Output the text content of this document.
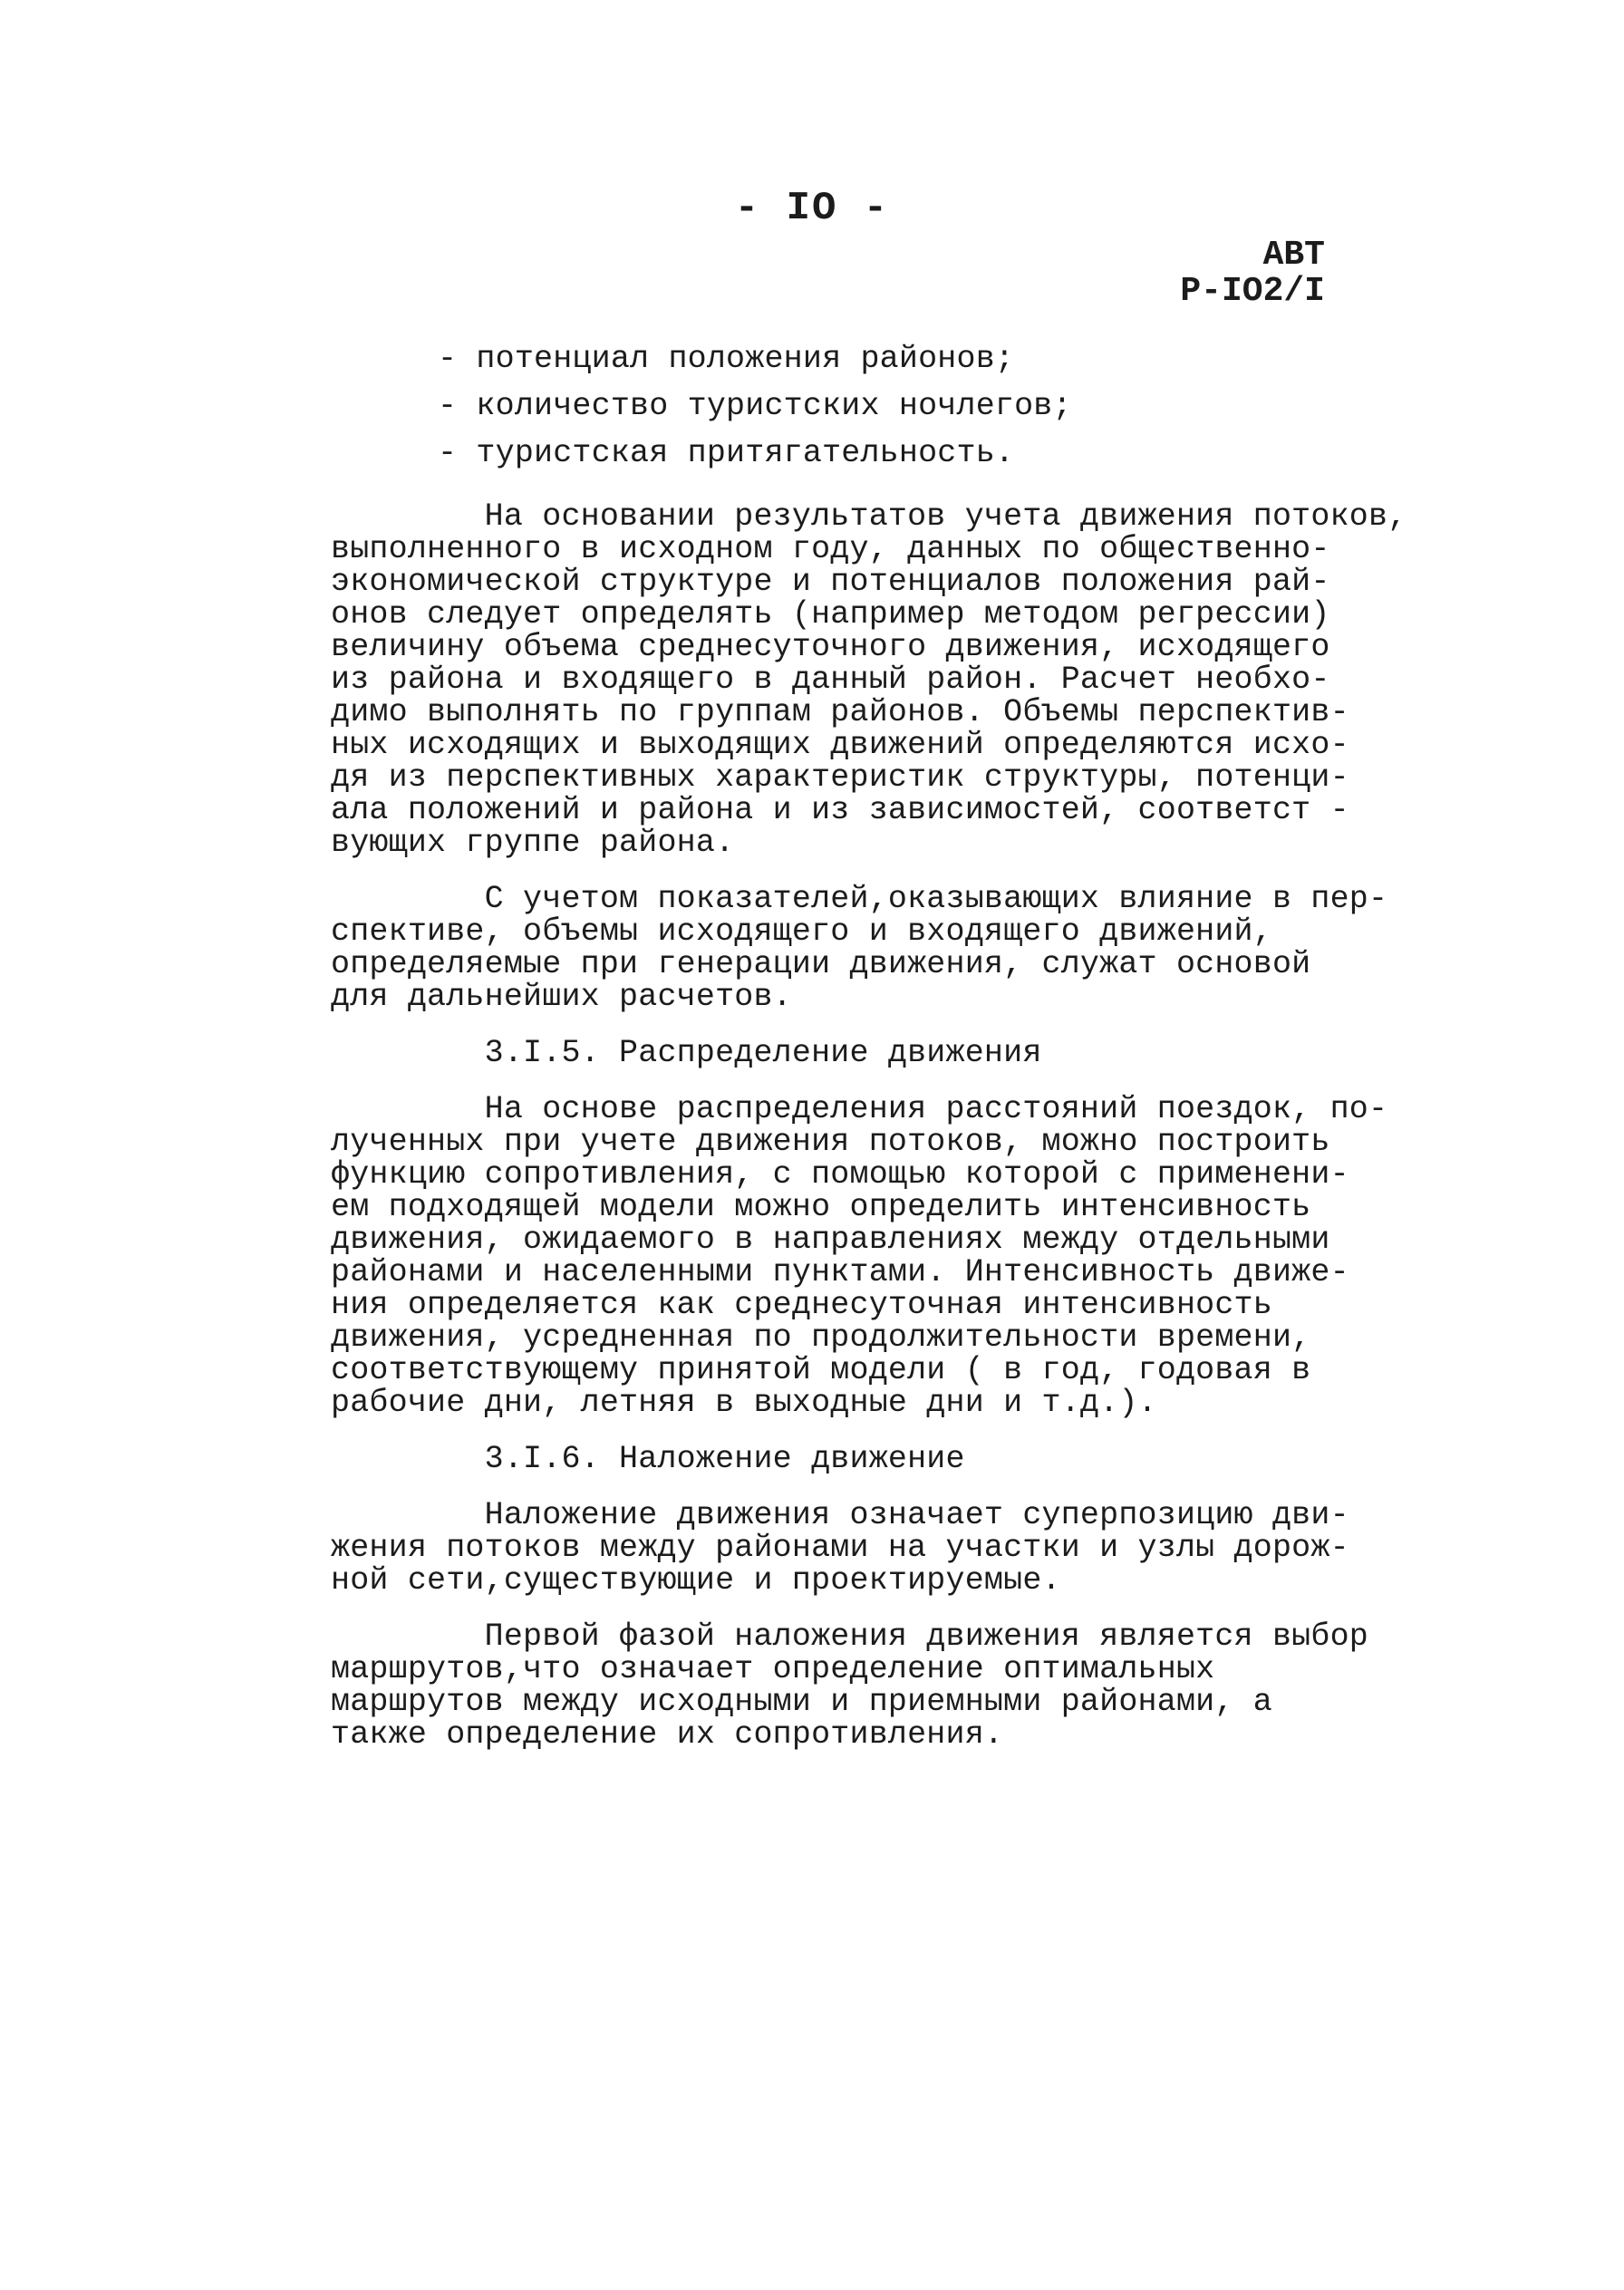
- IO -
АВТ
Р-IO2/I
- потенциал положения районов;
- количество туристских ночлегов;
- туристская притягательность.
На основании результатов учета движения потоков,
выполненного в исходном году, данных по общественно-
экономической структуре и потенциалов положения рай-
онов следует определять (например методом регрессии)
величину объема среднесуточного движения, исходящего
из района и входящего в данный район. Расчет необхо-
димо выполнять по группам районов. Объемы перспектив-
ных исходящих и выходящих движений определяются исхо-
дя из перспективных характеристик структуры, потенци-
ала положений и района и из зависимостей, соответст -
вующих группе района.
С учетом показателей,оказывающих влияние в пер-
спективе, объемы исходящего и входящего движений,
определяемые при генерации движения, служат основой
для дальнейших расчетов.
3.I.5. Распределение движения
На основе распределения расстояний поездок, по-
лученных при учете движения потоков, можно построить
функцию сопротивления, с помощью которой с применени-
ем подходящей модели можно определить интенсивность
движения, ожидаемого в направлениях между отдельными
районами и населенными пунктами. Интенсивность движе-
ния определяется как среднесуточная интенсивность
движения, усредненная по продолжительности времени,
соответствующему принятой модели ( в год, годовая в
рабочие дни, летняя в выходные дни и т.д.).
3.I.6. Наложение движение
Наложение движения означает суперпозицию дви-
жения потоков между районами на участки и узлы дорож-
ной сети,существующие и проектируемые.
Первой фазой наложения движения является выбор
маршрутов,что означает определение оптимальных
маршрутов между исходными и приемными районами, а
также определение их сопротивления.
